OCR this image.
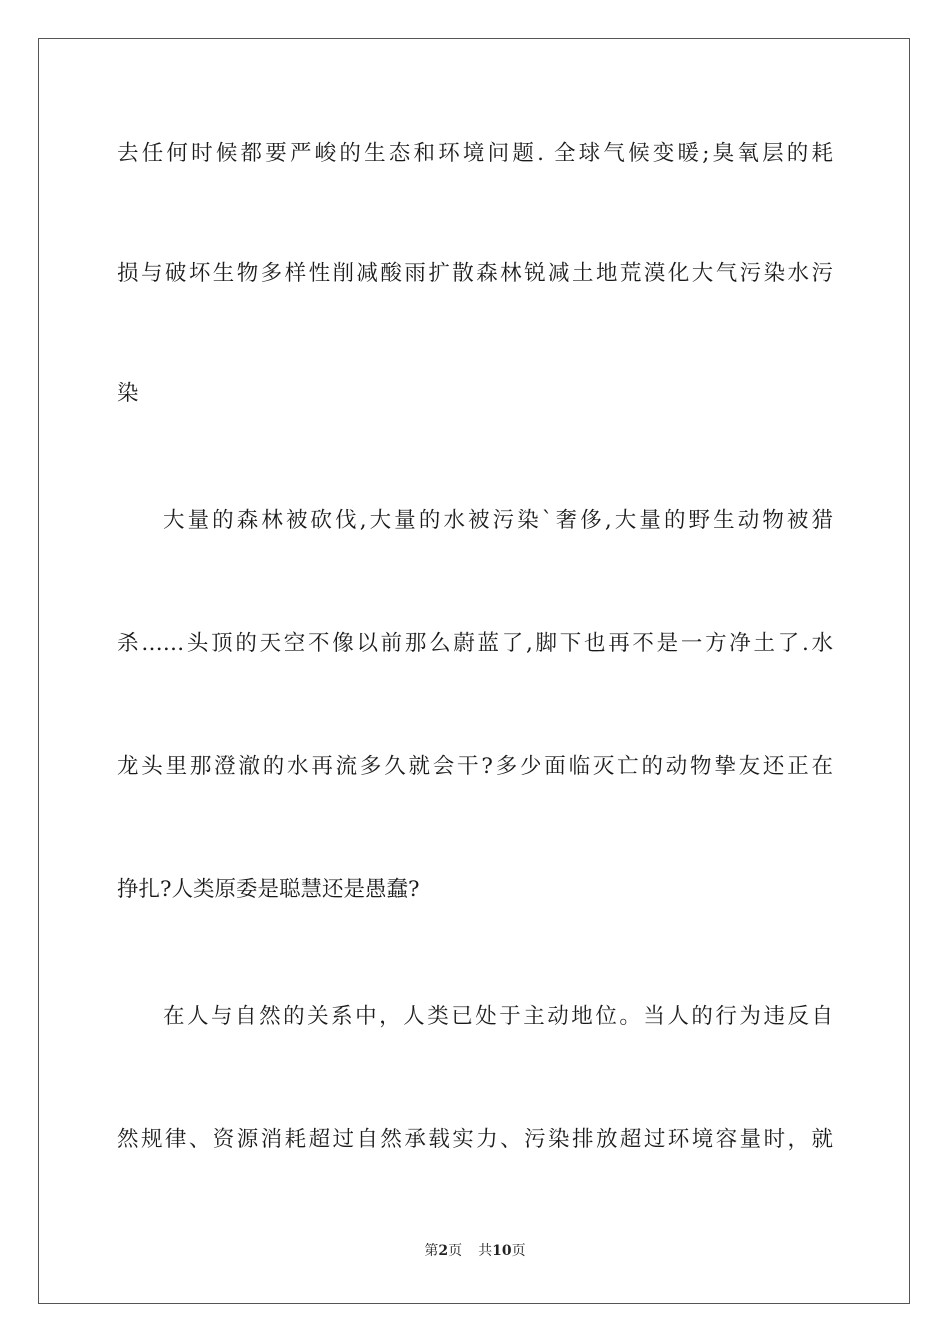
去任何时候都要严峻的生态和环境问题. 全球气候变暖;臭氧层的耗
损与破坏生物多样性削减酸雨扩散森林锐减土地荒漠化大气污染水污
染
大量的森林被砍伐,大量的水被污染`奢侈,大量的野生动物被猎
杀……头顶的天空不像以前那么蔚蓝了,脚下也再不是一方净土了.水
龙头里那澄澈的水再流多久就会干?多少面临灭亡的动物挚友还正在
挣扎?人类原委是聪慧还是愚蠢?
在人与自然的关系中，人类已处于主动地位。当人的行为违反自
然规律、资源消耗超过自然承载实力、污染排放超过环境容量时，就
第2页 共10页
